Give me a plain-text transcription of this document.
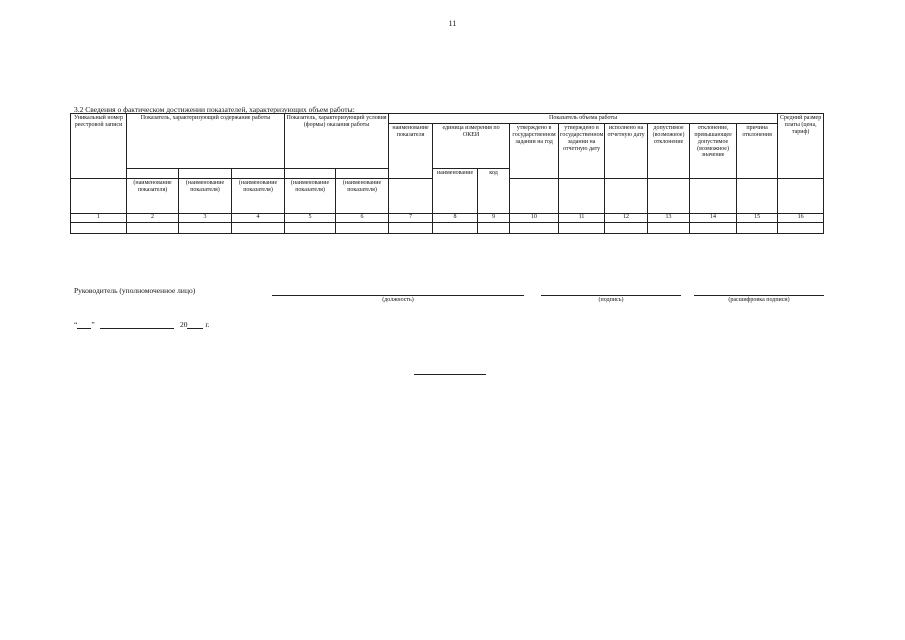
11
3.2 Сведения о фактическом достижении показателей, характеризующих объем работы:
Уникальный номер реестровой записи	Показатель, характеризующий содержание работы			Показатель, характеризующий условия (формы) оказания работы		Показатель объема работы									Средний размер платы (цена, тариф)
						наименование показателя	единица измерения по ОКЕИ		утверждено в государственном задании на год	утверждено в государственном задании на отчетную дату	исполнено на отчетную дату	допустимое (возможное) отклонение	отклонение, превышающее допустимое (возможное) значение	причина отклонения	
							наименование	код							
	(наименование показателя)	(наименование показателя)	(наименование показателя)	(наименование показателя)	(наименование показателя)										
1	2	3	4	5	6	7	8	9	10	11	12	13	14	15	16

Руководитель (уполномоченное лицо)
(должность)	(подпись)	(расшифровка подписи)
“ ”	20 г.
